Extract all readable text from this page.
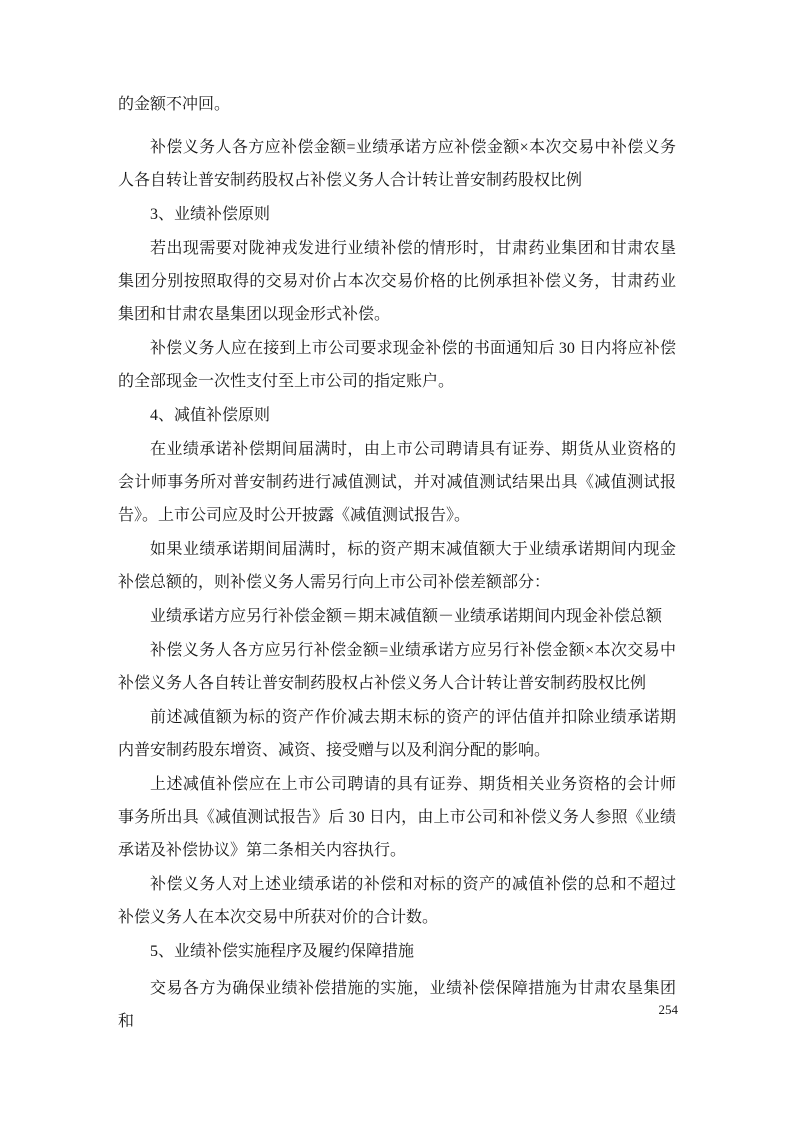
的金额不冲回。

补偿义务人各方应补偿金额=业绩承诺方应补偿金额×本次交易中补偿义务人各自转让普安制药股权占补偿义务人合计转让普安制药股权比例

3、业绩补偿原则

若出现需要对陇神戎发进行业绩补偿的情形时，甘肃药业集团和甘肃农垦集团分别按照取得的交易对价占本次交易价格的比例承担补偿义务，甘肃药业集团和甘肃农垦集团以现金形式补偿。

补偿义务人应在接到上市公司要求现金补偿的书面通知后 30 日内将应补偿的全部现金一次性支付至上市公司的指定账户。

4、减值补偿原则

在业绩承诺补偿期间届满时，由上市公司聘请具有证券、期货从业资格的会计师事务所对普安制药进行减值测试，并对减值测试结果出具《减值测试报告》。上市公司应及时公开披露《减值测试报告》。

如果业绩承诺期间届满时，标的资产期末减值额大于业绩承诺期间内现金补偿总额的，则补偿义务人需另行向上市公司补偿差额部分：

业绩承诺方应另行补偿金额＝期末减值额－业绩承诺期间内现金补偿总额

补偿义务人各方应另行补偿金额=业绩承诺方应另行补偿金额×本次交易中补偿义务人各自转让普安制药股权占补偿义务人合计转让普安制药股权比例

前述减值额为标的资产作价减去期末标的资产的评估值并扣除业绩承诺期内普安制药股东增资、减资、接受赠与以及利润分配的影响。

上述减值补偿应在上市公司聘请的具有证券、期货相关业务资格的会计师事务所出具《减值测试报告》后 30 日内，由上市公司和补偿义务人参照《业绩承诺及补偿协议》第二条相关内容执行。

补偿义务人对上述业绩承诺的补偿和对标的资产的减值补偿的总和不超过补偿义务人在本次交易中所获对价的合计数。

5、业绩补偿实施程序及履约保障措施

交易各方为确保业绩补偿措施的实施，业绩补偿保障措施为甘肃农垦集团和

254
